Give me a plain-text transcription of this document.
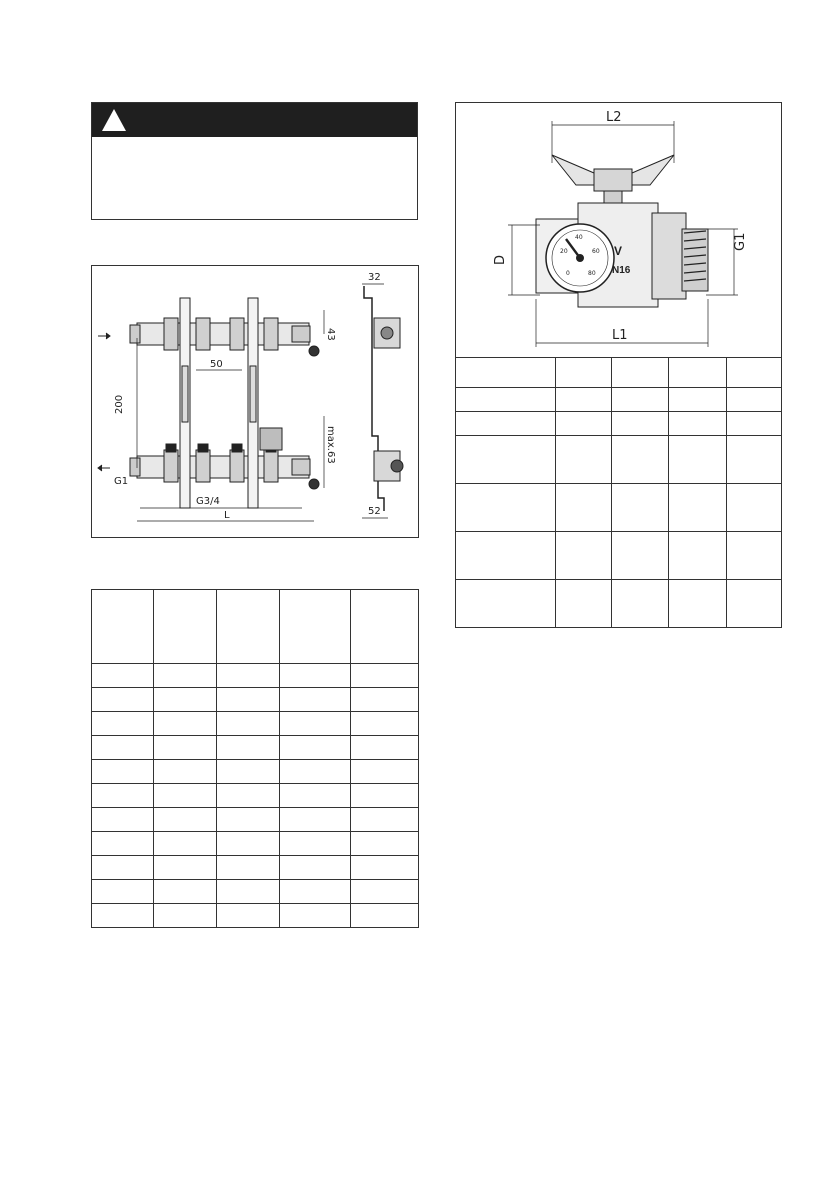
32
43
50
200
max.63
G1
G3/4
L	52
L2
D
G1
L1
V
N16
0
20
40
60
80
